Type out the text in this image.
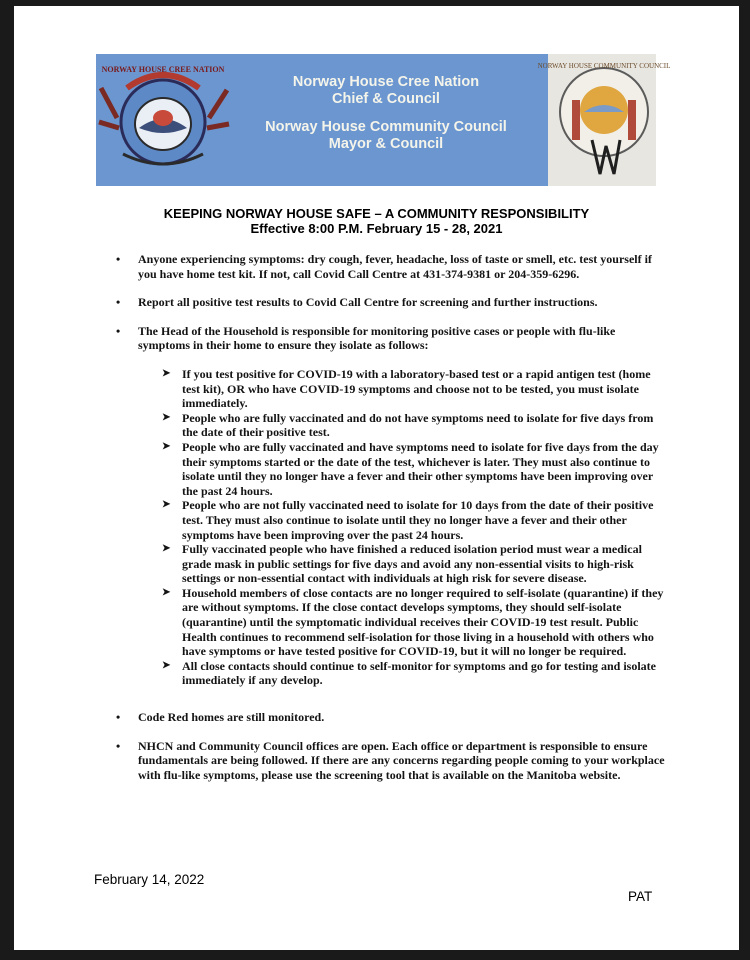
NORWAY HOUSE CREE NATION
Norway House Cree Nation
Chief & Council
Norway House Community Council
Mayor & Council
NORWAY HOUSE COMMUNITY COUNCIL
KEEPING NORWAY HOUSE SAFE – A COMMUNITY RESPONSIBILITY
Effective 8:00 P.M. February 15 - 28, 2021
• Anyone experiencing symptoms: dry cough, fever, headache, loss of taste or smell, etc. test yourself if you have home test kit. If not, call Covid Call Centre at 431-374-9381 or 204-359-6296.
• Report all positive test results to Covid Call Centre for screening and further instructions.
• The Head of the Household is responsible for monitoring positive cases or people with flu-like symptoms in their home to ensure they isolate as follows:
➤ If you test positive for COVID-19 with a laboratory-based test or a rapid antigen test (home test kit), OR who have COVID-19 symptoms and choose not to be tested, you must isolate immediately.
➤ People who are fully vaccinated and do not have symptoms need to isolate for five days from the date of their positive test.
➤ People who are fully vaccinated and have symptoms need to isolate for five days from the day their symptoms started or the date of the test, whichever is later. They must also continue to isolate until they no longer have a fever and their other symptoms have been improving over the past 24 hours.
➤ People who are not fully vaccinated need to isolate for 10 days from the date of their positive test. They must also continue to isolate until they no longer have a fever and their other symptoms have been improving over the past 24 hours.
➤ Fully vaccinated people who have finished a reduced isolation period must wear a medical grade mask in public settings for five days and avoid any non-essential visits to high-risk settings or non-essential contact with individuals at high risk for severe disease.
➤ Household members of close contacts are no longer required to self-isolate (quarantine) if they are without symptoms. If the close contact develops symptoms, they should self-isolate (quarantine) until the symptomatic individual receives their COVID-19 test result. Public Health continues to recommend self-isolation for those living in a household with others who have symptoms or have tested positive for COVID-19, but it will no longer be required.
➤ All close contacts should continue to self-monitor for symptoms and go for testing and isolate immediately if any develop.
• Code Red homes are still monitored.
• NHCN and Community Council offices are open. Each office or department is responsible to ensure fundamentals are being followed. If there are any concerns regarding people coming to your workplace with flu-like symptoms, please use the screening tool that is available on the Manitoba website.
February 14, 2022
PAT
